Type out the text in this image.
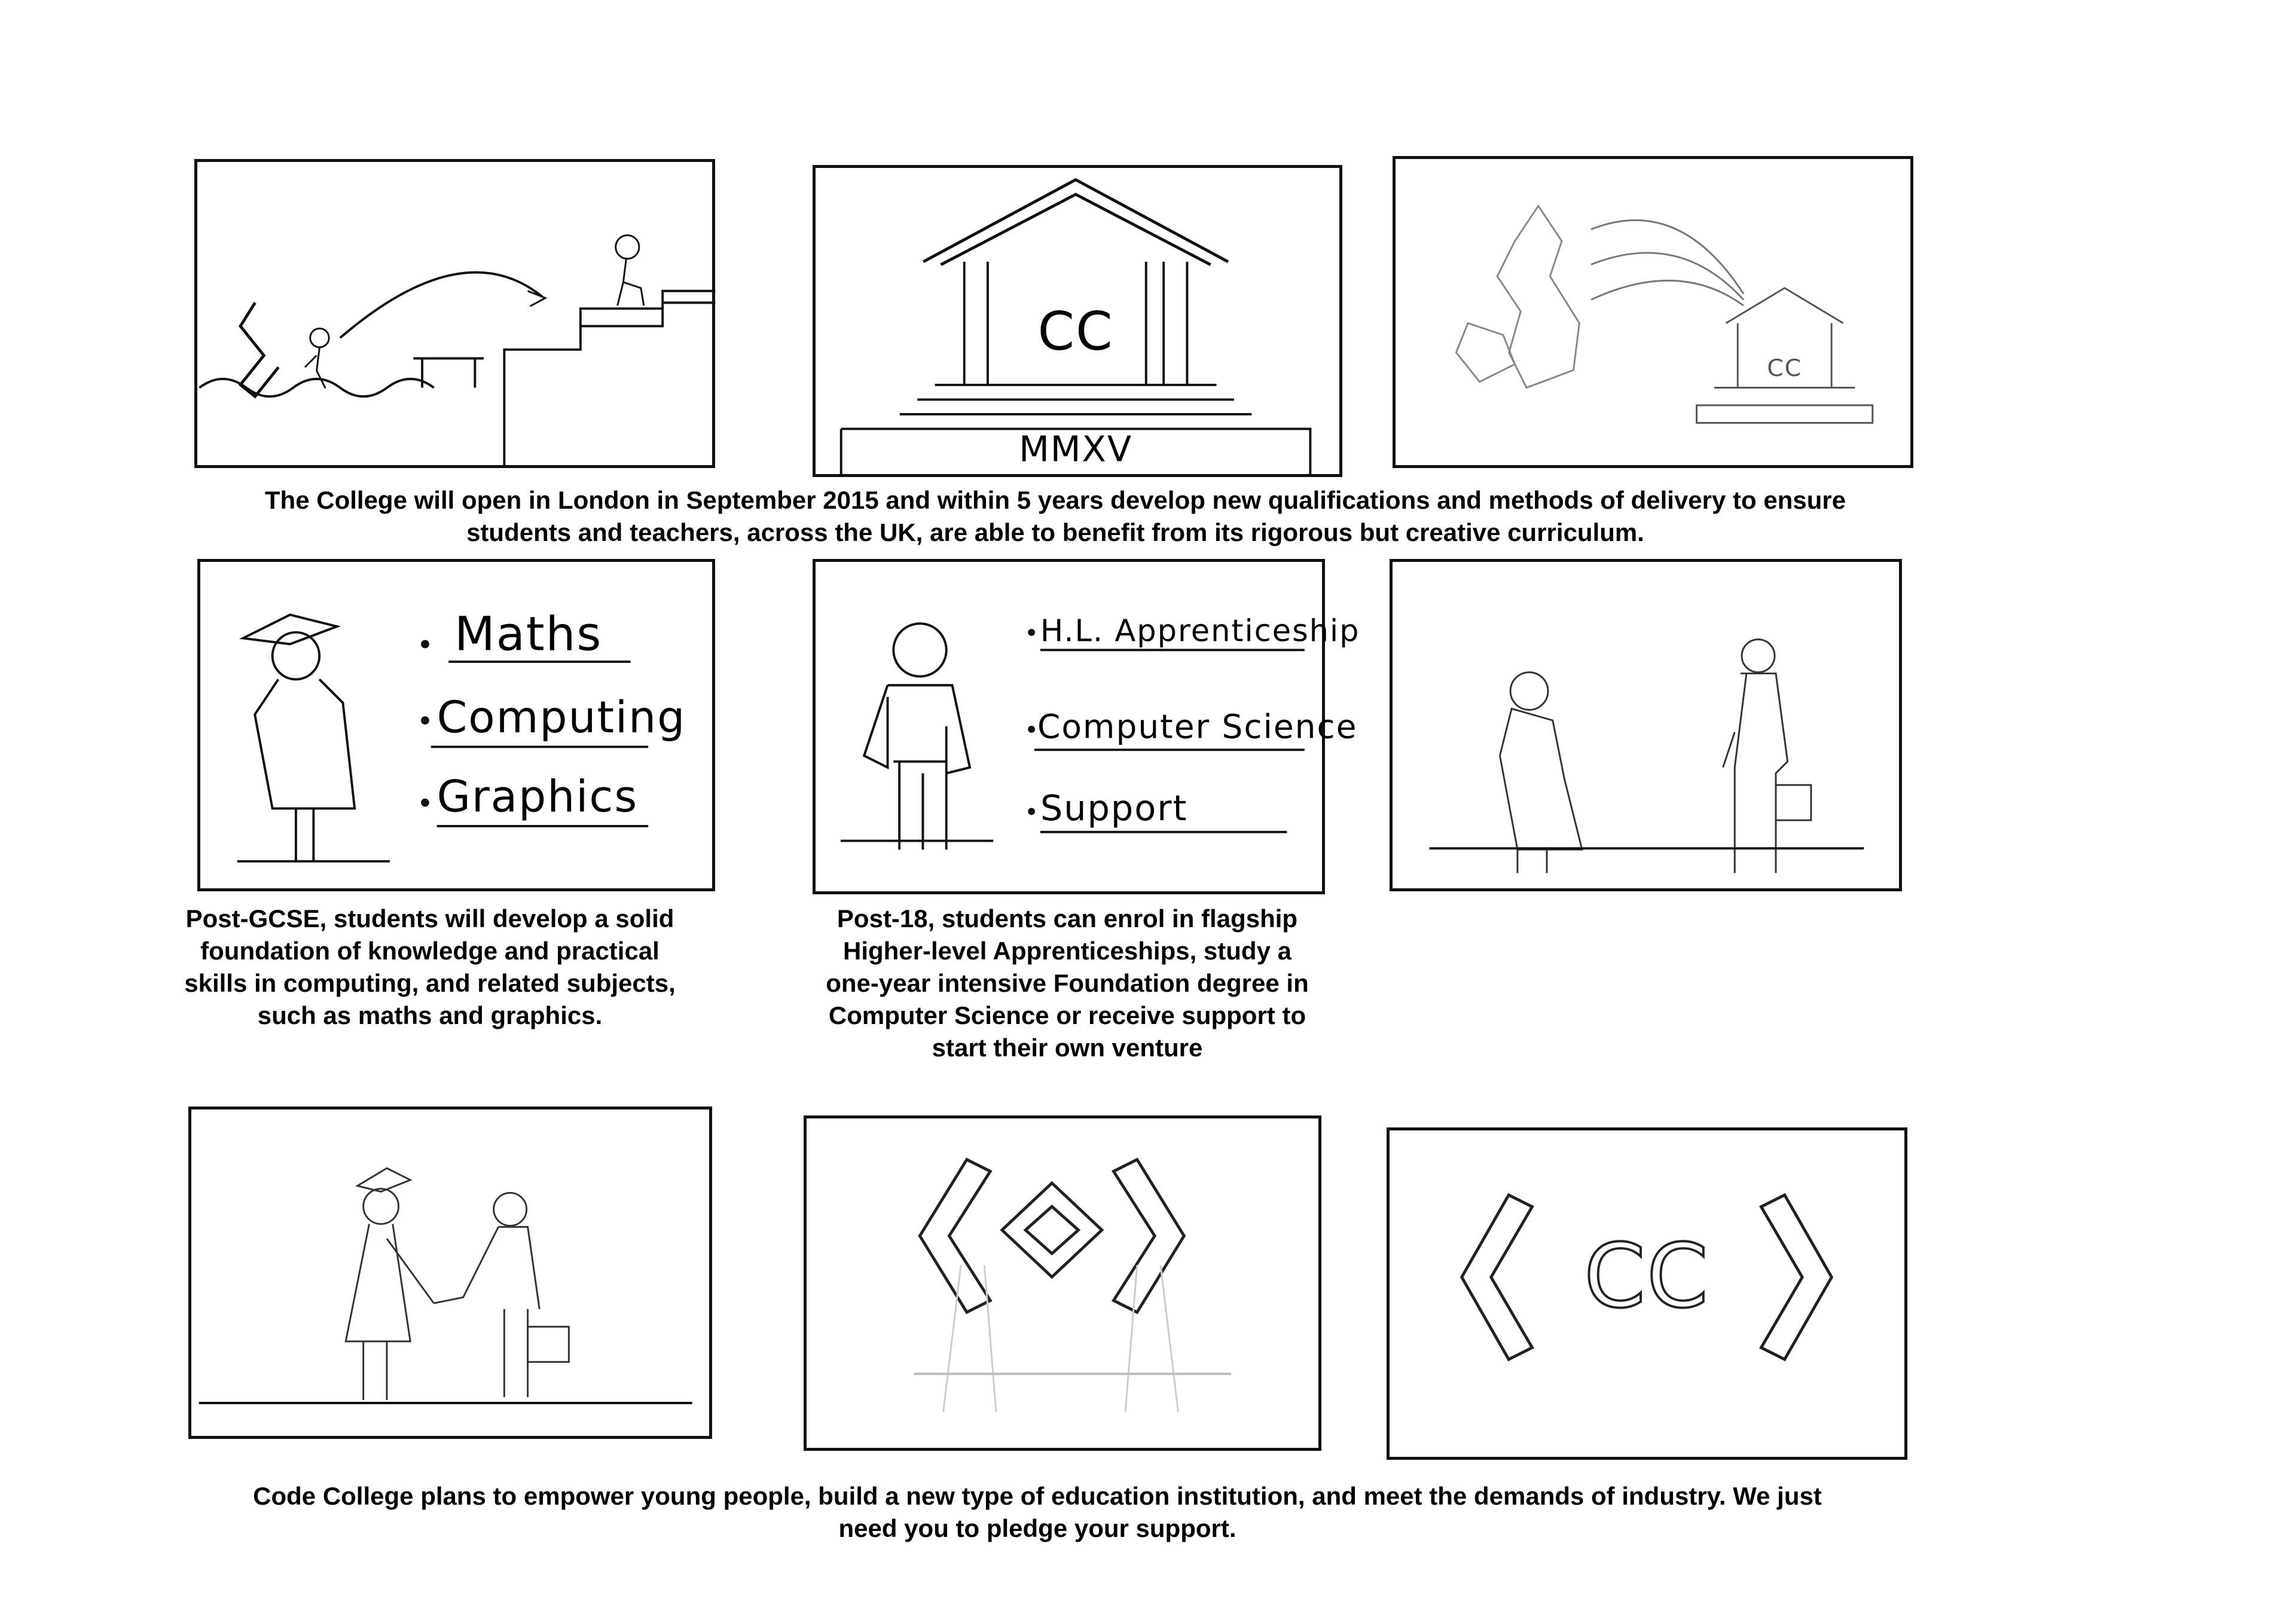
CC
MMXV
CC
The College will open in London in September 2015 and within 5 years develop new qualifications and methods of delivery to ensure
students and teachers, across the UK, are able to benefit from its rigorous but creative curriculum.
Maths
Computing
Graphics
H.L. Apprenticeship
Computer Science
Support
Post-GCSE, students will develop a solid
foundation of knowledge and practical
skills in computing, and related subjects,
such as maths and graphics.
Post-18, students can enrol in flagship
Higher-level Apprenticeships, study a
one-year intensive Foundation degree in
Computer Science or receive support to
start their own venture
CC
Code College plans to empower young people, build a new type of education institution, and meet the demands of industry. We just
need you to pledge your support.
